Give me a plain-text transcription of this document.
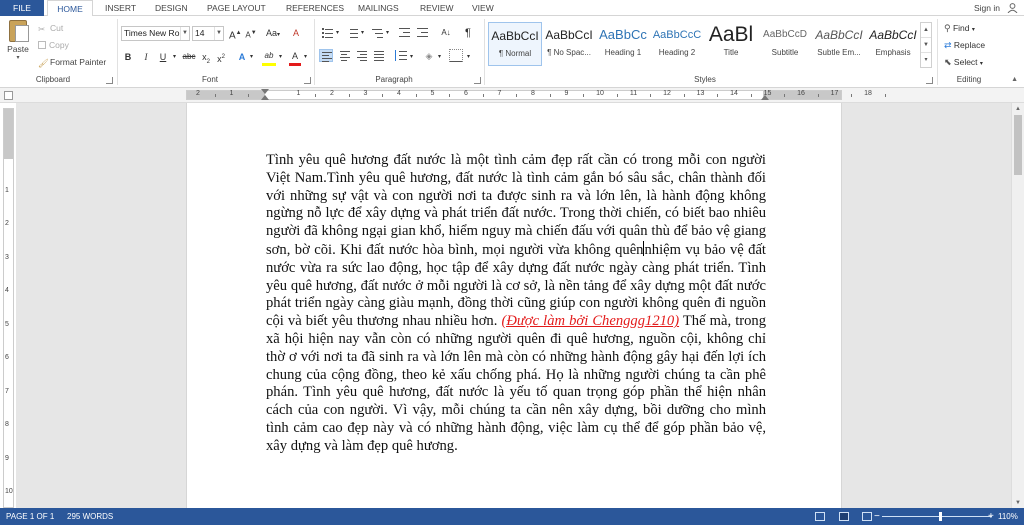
FILE	HOME	INSERT DESIGN PAGE LAYOUT REFERENCES MAILINGS	REVIEW VIEW	Sign in
Paste
▾
✂ Cut
Copy
🖌Format Painter
Clipboard
Times New Ro ▼ 14	▼ A▲ A▼ Aa▾	A
B	I	U	▾ abc $x_2$ $x^2$	A ▾	ab ▾	A ▾
Font
▾	▾	▾	A↓ ¶
▾	◈ ▾	▾
Paragraph
AaBbCcI
¶ Normal
AaBbCcI
¶ No Spac...
AaBbCc
Heading 1
AaBbCcC
Heading 2
AaBl
Title
AaBbCcD
Subtitle
AaBbCcI
Subtle Em...
AaBbCcI
Emphasis
▲
▼
▾
Styles
⚲ Find ▾
⇄ Replace
⬉ Select ▾
Editing	▲
2	1	1	2	3	4	5	6	7	8	9	10	11	12	13	14	15	16	17	18
1
2
3
4
5
6
7
8
9
10
Tình yêu quê hương đất nước là một tình cảm đẹp rất cần có trong mỗi con người Việt Nam.Tình yêu quê hương, đất nước là tình cảm gắn bó sâu sắc, chân thành đối với những sự vật và con người nơi ta được sinh ra và lớn lên, là hành động không ngừng nỗ lực để xây dựng và phát triển đất nước. Trong thời chiến, có biết bao nhiêu người đã không ngại gian khổ, hiểm nguy mà chiến đấu với quân thù để bảo vệ giang sơn, bờ cõi. Khi đất nước hòa bình, mọi người vừa không quênnhiệm vụ bảo vệ đất nước vừa ra sức lao động, học tập để xây dựng đất nước ngày càng phát triển. Tình yêu quê hương, đất nước ở mỗi người là cơ sở, là nền tảng để xây dựng một đất nước phát triển ngày càng giàu mạnh, đồng thời cũng giúp con người không quên đi nguồn cội và biết yêu thương nhau nhiều hơn. (Được làm bởi Chenggg1210) Thế mà, trong xã hội hiện nay vẫn còn có những người quên đi quê hương, nguồn cội, không chỉ thờ ơ với nơi ta đã sinh ra và lớn lên mà còn có những hành động gây hại đến lợi ích chung của cộng đồng, theo kẻ xấu chống phá. Họ là những người chúng ta cần phê phán. Tình yêu quê hương, đất nước là yếu tố quan trọng góp phần thể hiện nhân cách của con người. Vì vậy, mỗi chúng ta cần nên xây dựng, bồi dưỡng cho mình tình cảm cao đẹp này và có những hành động, việc làm cụ thể để góp phần bảo vệ, xây dựng và làm đẹp quê hương.
▲
▼
PAGE 1 OF 1 295 WORDS	−	+ 110%
